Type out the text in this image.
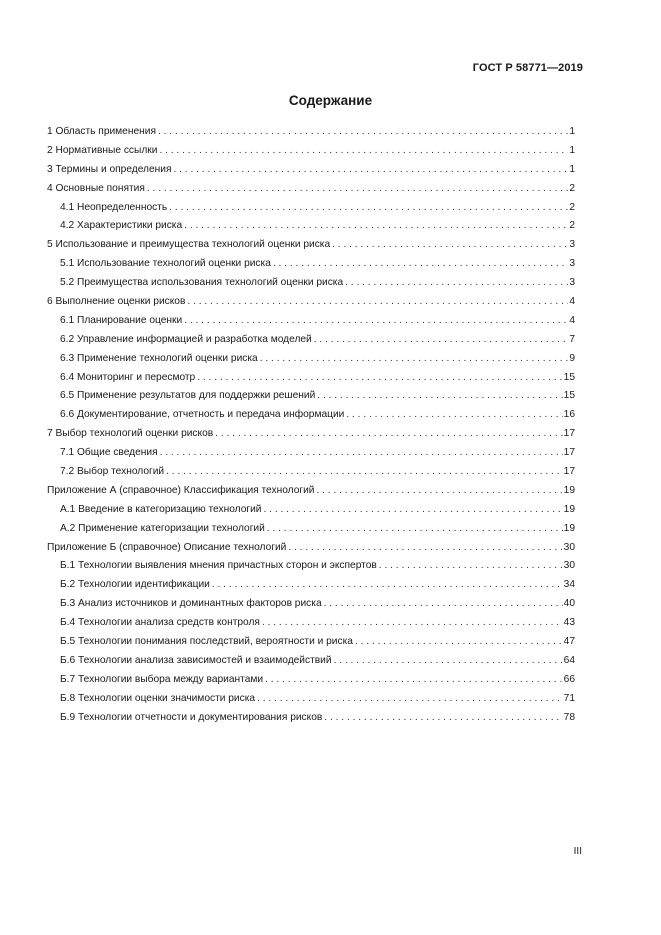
ГОСТ Р 58771—2019
Содержание
1 Область применения . . .	1
2 Нормативные ссылки . . .	1
3 Термины и определения . . .	1
4 Основные понятия . . .	2
4.1 Неопределенность . . .	2
4.2 Характеристики риска . . .	2
5 Использование и преимущества технологий оценки риска . . .	3
5.1 Использование технологий оценки риска . . .	3
5.2 Преимущества использования технологий оценки риска . . .	3
6 Выполнение оценки рисков . . .	4
6.1 Планирование оценки . . .	4
6.2 Управление информацией и разработка моделей . . .	7
6.3 Применение технологий оценки риска . . .	9
6.4 Мониторинг и пересмотр . . .	15
6.5 Применение результатов для поддержки решений . . .	15
6.6 Документирование, отчетность и передача информации . . .	16
7 Выбор технологий оценки рисков . . .	17
7.1 Общие сведения . . .	17
7.2 Выбор технологий . . .	17
Приложение А (справочное) Классификация технологий . . .	19
А.1 Введение в категоризацию технологий . . .	19
А.2 Применение категоризации технологий . . .	19
Приложение Б (справочное) Описание технологий . . .	30
Б.1 Технологии выявления мнения причастных сторон и экспертов . . .	30
Б.2 Технологии идентификации . . .	34
Б.3 Анализ источников и доминантных факторов риска . . .	40
Б.4 Технологии анализа средств контроля . . .	43
Б.5 Технологии понимания последствий, вероятности и риска . . .	47
Б.6 Технологии анализа зависимостей и взаимодействий . . .	64
Б.7 Технологии выбора между вариантами . . .	66
Б.8 Технологии оценки значимости риска . . .	71
Б.9 Технологии отчетности и документирования рисков . . .	78
III
